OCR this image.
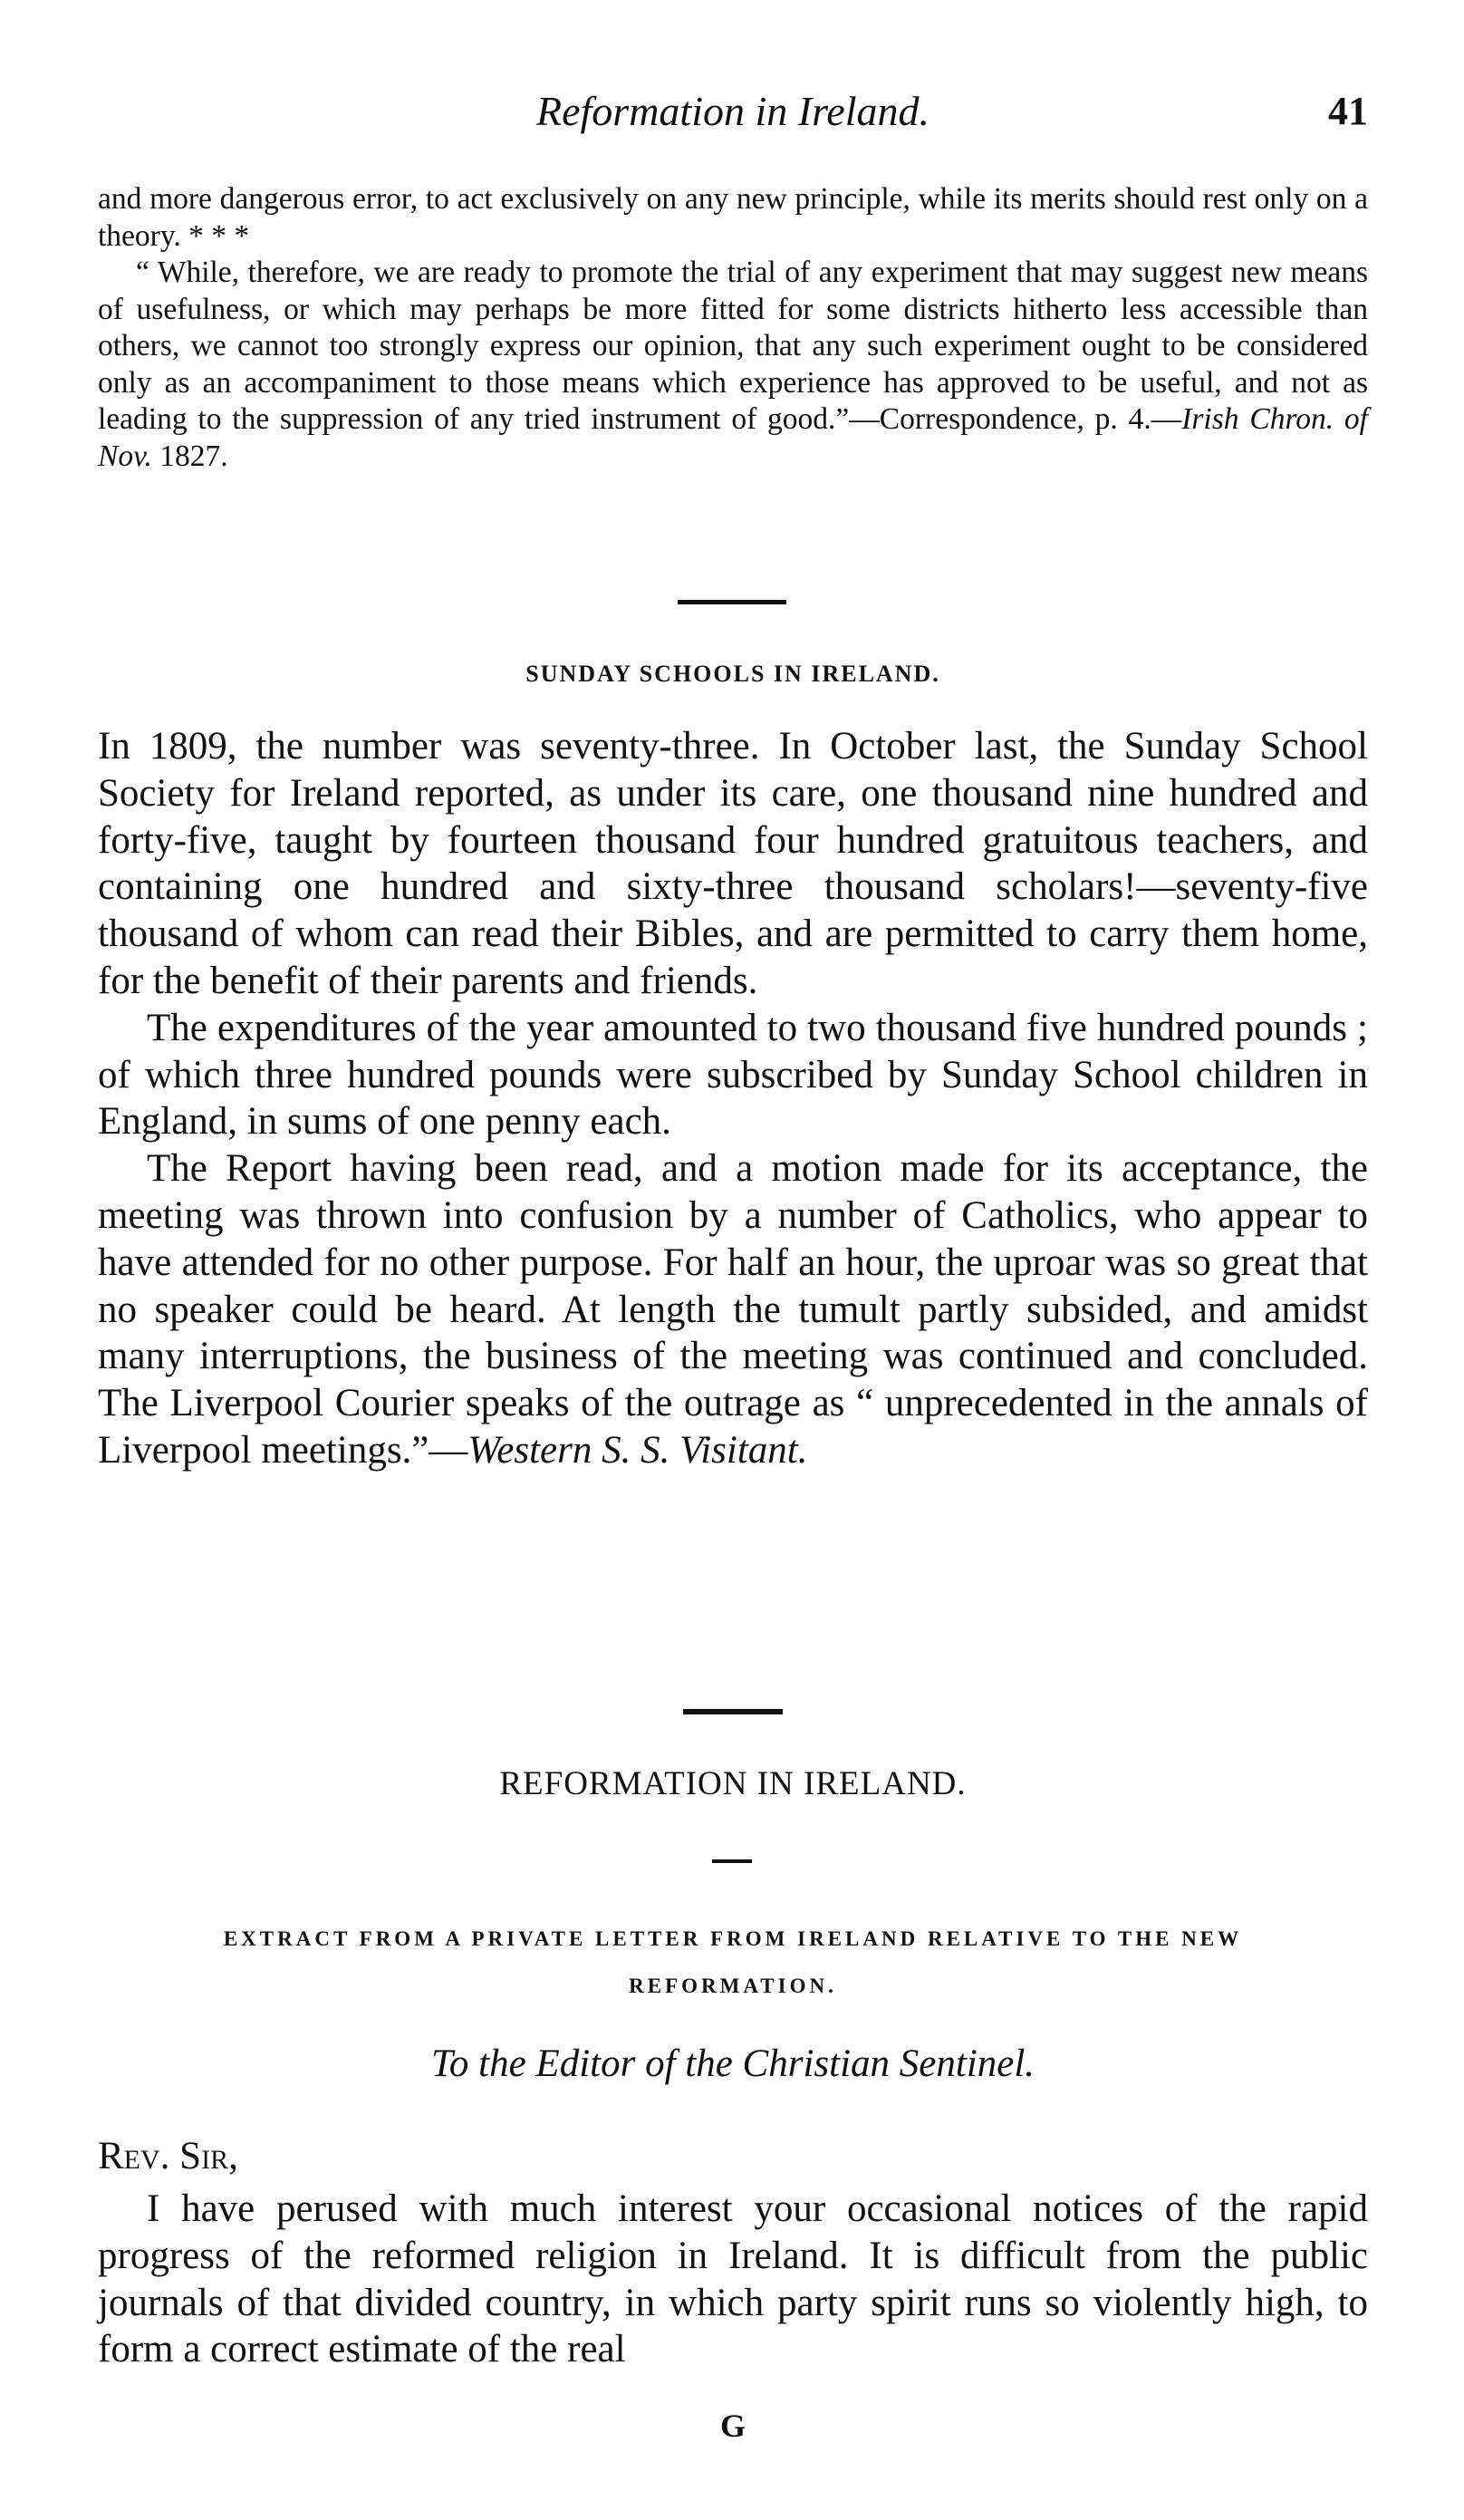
Reformation in Ireland.	41

and more dangerous error, to act exclusively on any new principle, while its merits should rest only on a theory. * * *

“ While, therefore, we are ready to promote the trial of any experiment that may suggest new means of usefulness, or which may perhaps be more fitted for some districts hitherto less accessible than others, we cannot too strongly express our opinion, that any such experiment ought to be considered only as an accompaniment to those means which experience has approved to be useful, and not as leading to the suppression of any tried instrument of good.”—Correspondence, p. 4.—Irish Chron. of Nov. 1827.

SUNDAY SCHOOLS IN IRELAND.

In 1809, the number was seventy-three. In October last, the Sunday School Society for Ireland reported, as under its care, one thousand nine hundred and forty-five, taught by fourteen thousand four hundred gratuitous teachers, and containing one hundred and sixty-three thousand scholars!—seventy-five thousand of whom can read their Bibles, and are permitted to carry them home, for the benefit of their parents and friends.

The expenditures of the year amounted to two thousand five hundred pounds ; of which three hundred pounds were subscribed by Sunday School children in England, in sums of one penny each.

The Report having been read, and a motion made for its acceptance, the meeting was thrown into confusion by a number of Catholics, who appear to have attended for no other purpose. For half an hour, the uproar was so great that no speaker could be heard. At length the tumult partly subsided, and amidst many interruptions, the business of the meeting was continued and concluded. The Liverpool Courier speaks of the outrage as “ unprecedented in the annals of Liverpool meetings.”—Western S. S. Visitant.

REFORMATION IN IRELAND.
EXTRACT FROM A PRIVATE LETTER FROM IRELAND RELATIVE TO THE NEW
REFORMATION.
To the Editor of the Christian Sentinel.
Rev. Sir,

I have perused with much interest your occasional notices of the rapid progress of the reformed religion in Ireland. It is difficult from the public journals of that divided country, in which party spirit runs so violently high, to form a correct estimate of the real

G
